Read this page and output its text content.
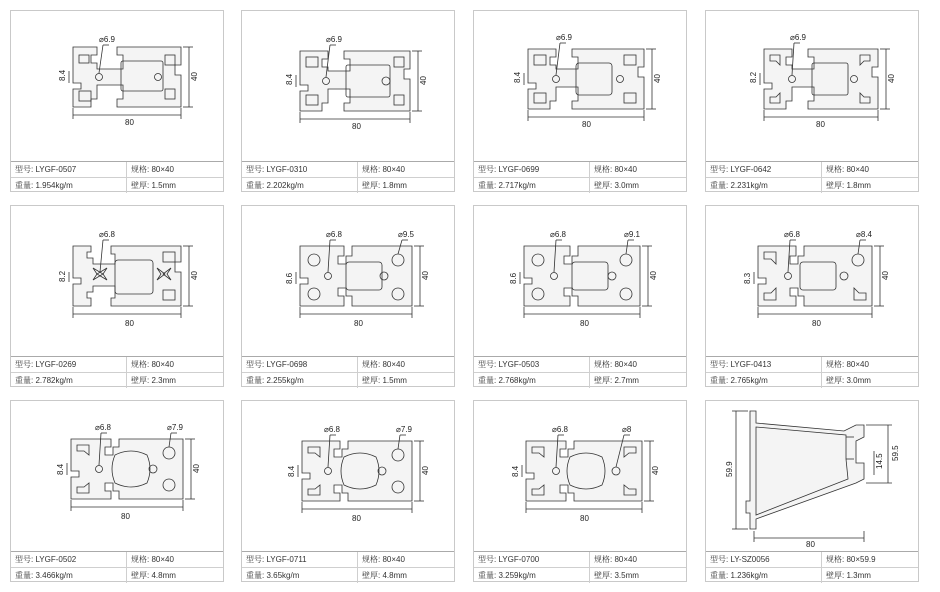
80
40
8.4
⌀6.9
型号: LYGF-0507	规格: 80×40
重量: 1.954kg/m	壁厚: 1.5mm
80
40
8.4
⌀6.9
型号: LYGF-0310	规格: 80×40
重量: 2.202kg/m	壁厚: 1.8mm
80
40
8.4
⌀6.9
型号: LYGF-0699	规格: 80×40
重量: 2.717kg/m	壁厚: 3.0mm
80
40
8.2
⌀6.9
型号: LYGF-0642	规格: 80×40
重量: 2.231kg/m	壁厚: 1.8mm
80
40
8.2
⌀6.8
型号: LYGF-0269	规格: 80×40
重量: 2.782kg/m	壁厚: 2.3mm
80
40
8.6
⌀6.8	⌀9.5
型号: LYGF-0698	规格: 80×40
重量: 2.255kg/m	壁厚: 1.5mm
80
40
8.6
⌀6.8	⌀9.1
型号: LYGF-0503	规格: 80×40
重量: 2.768kg/m	壁厚: 2.7mm
80
40
8.3
⌀6.8	⌀8.4
型号: LYGF-0413	规格: 80×40
重量: 2.765kg/m	壁厚: 3.0mm
80
40
8.4
⌀6.8	⌀7.9
型号: LYGF-0502	规格: 80×40
重量: 3.466kg/m	壁厚: 4.8mm
80
40
8.4
⌀6.8	⌀7.9
型号: LYGF-0711	规格: 80×40
重量: 3.65kg/m	壁厚: 4.8mm
80
40
8.4
⌀6.8	⌀8
型号: LYGF-0700	规格: 80×40
重量: 3.259kg/m	壁厚: 3.5mm
80
59.9
59.5
14.5
型号: LY-SZ0056	规格: 80×59.9
重量: 1.236kg/m	壁厚: 1.3mm
